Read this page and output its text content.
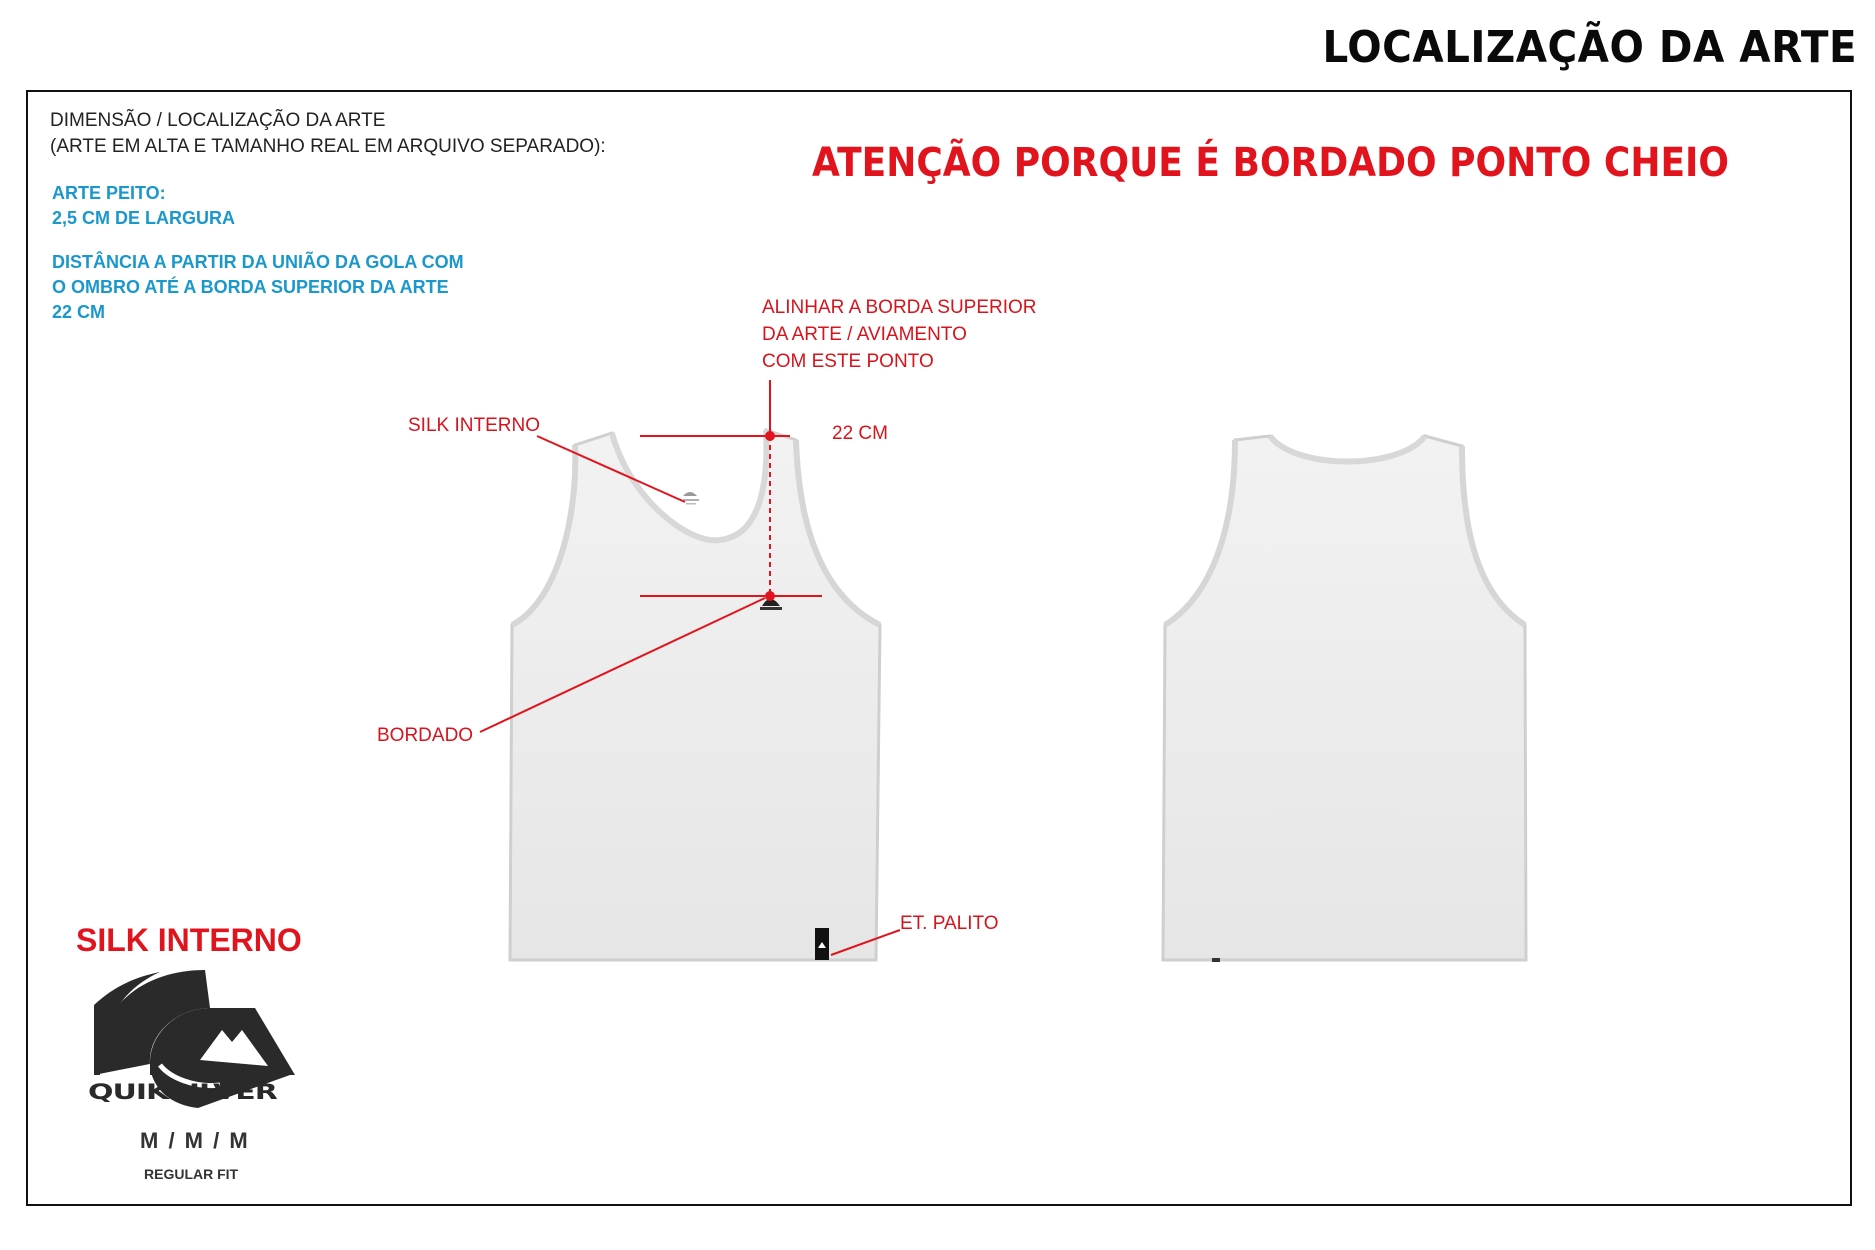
LOCALIZAÇÃO DA ARTE
DIMENSÃO / LOCALIZAÇÃO DA ARTE
(ARTE EM ALTA E TAMANHO REAL EM ARQUIVO SEPARADO):
ARTE PEITO:
2,5 CM DE LARGURA
DISTÂNCIA A PARTIR DA UNIÃO DA GOLA COM
O OMBRO ATÉ A BORDA SUPERIOR DA ARTE
22 CM
ATENÇÃO PORQUE É BORDADO PONTO CHEIO
ALINHAR A BORDA SUPERIOR
DA ARTE / AVIAMENTO
COM ESTE PONTO
22 CM
SILK INTERNO
BORDADO
ET. PALITO
SILK INTERNO
QUIKSILVER
M / M / M
REGULAR FIT
